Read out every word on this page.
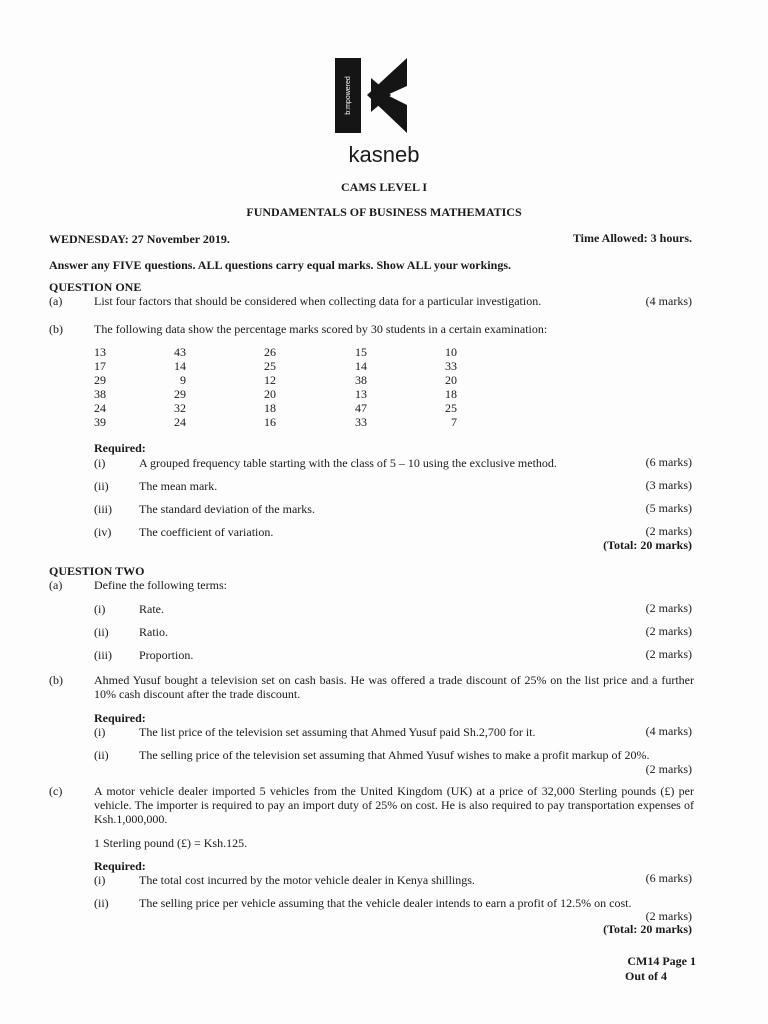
b:mpowered
kasneb
CAMS LEVEL I
FUNDAMENTALS OF BUSINESS MATHEMATICS
WEDNESDAY: 27 November 2019.	Time Allowed: 3 hours.
Answer any FIVE questions. ALL questions carry equal marks. Show ALL your workings.
QUESTION ONE
(a)	List four factors that should be considered when collecting data for a particular investigation.	(4 marks)
(b)	The following data show the percentage marks scored by 30 students in a certain examination:
13	43	26	15	10
17	14	25	14	33
29	9	12	38	20
38	29	20	13	18
24	32	18	47	25
39	24	16	33	7
Required:
(i)	A grouped frequency table starting with the class of 5 – 10 using the exclusive method.	(6 marks)
(ii)	The mean mark.	(3 marks)
(iii) The standard deviation of the marks.	(5 marks)
(iv) The coefficient of variation.	(2 marks)
(Total: 20 marks)
QUESTION TWO
(a)	Define the following terms:
(i)	Rate.	(2 marks)
(ii)	Ratio.	(2 marks)
(iii) Proportion.	(2 marks)
(b)	Ahmed Yusuf bought a television set on cash basis. He was offered a trade discount of 25% on the list price and a further 10% cash discount after the trade discount.
Required:
(i)	The list price of the television set assuming that Ahmed Yusuf paid Sh.2,700 for it.	(4 marks)
(ii)	The selling price of the television set assuming that Ahmed Yusuf wishes to make a profit markup of 20%.
(2 marks)
(c)	A motor vehicle dealer imported 5 vehicles from the United Kingdom (UK) at a price of 32,000 Sterling pounds (£) per vehicle. The importer is required to pay an import duty of 25% on cost. He is also required to pay transportation expenses of Ksh.1,000,000.
1 Sterling pound (£) = Ksh.125.
Required:
(i)	The total cost incurred by the motor vehicle dealer in Kenya shillings.	(6 marks)
(ii)	The selling price per vehicle assuming that the vehicle dealer intends to earn a profit of 12.5% on cost.
(2 marks)
(Total: 20 marks)
CM14 Page 1
Out of 4
